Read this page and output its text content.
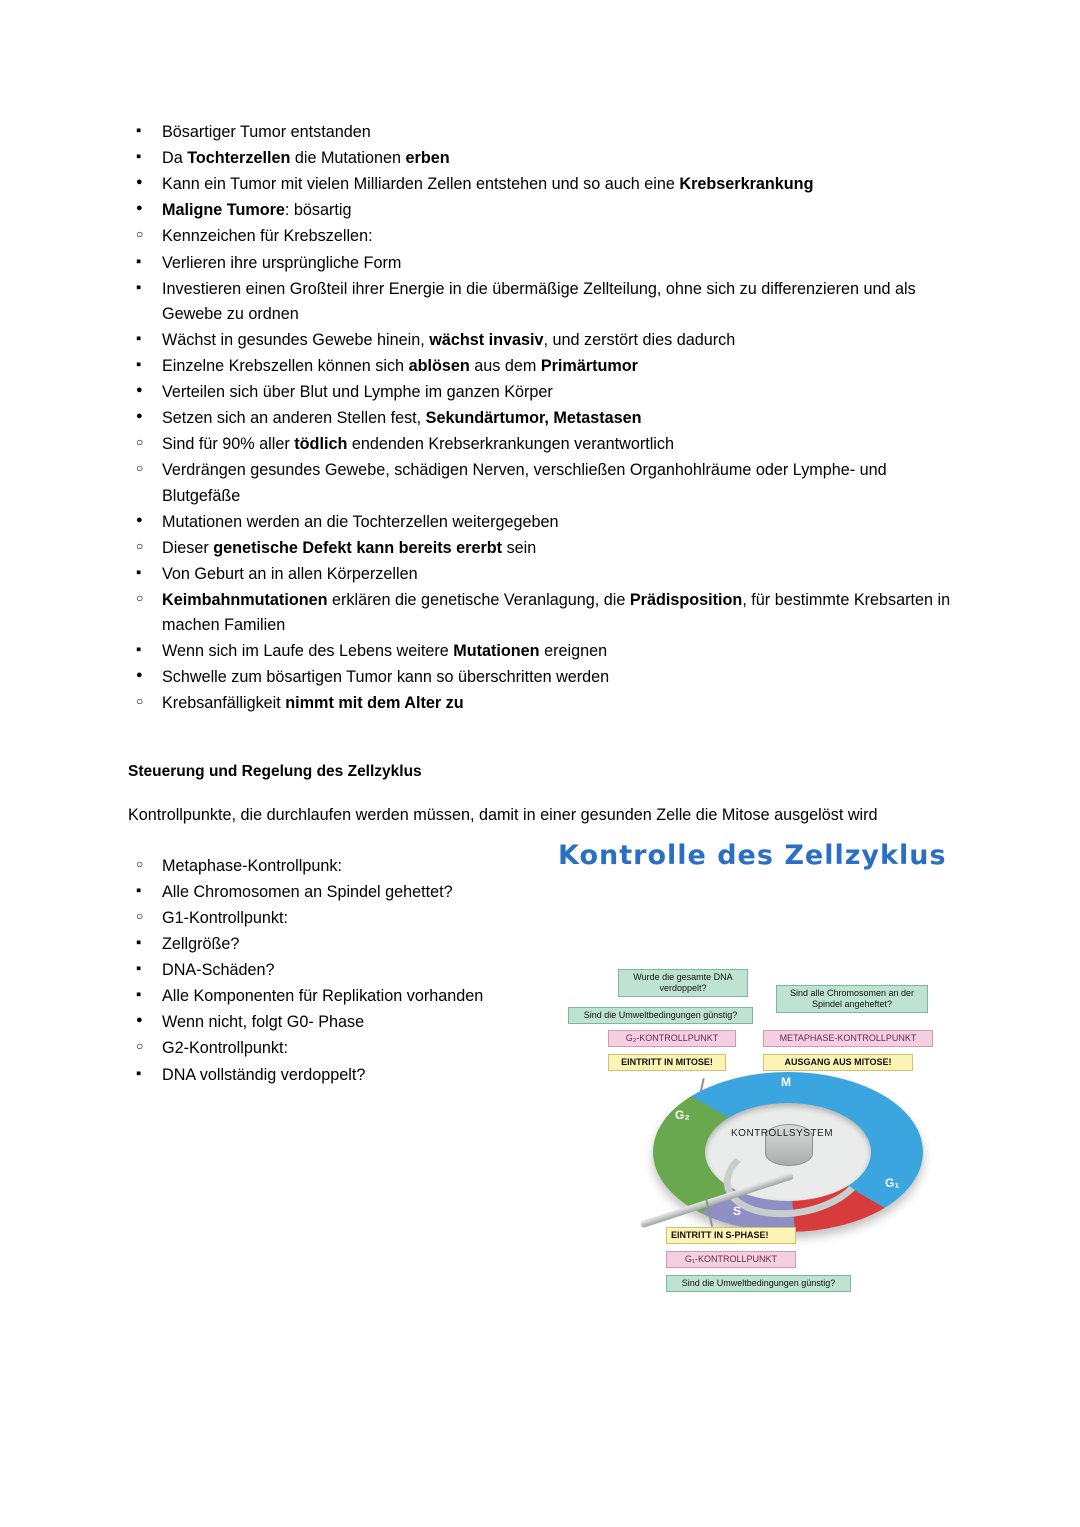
▪
Bösartiger Tumor entstanden
▪
Da Tochterzellen die Mutationen erben
●
Kann ein Tumor mit vielen Milliarden Zellen entstehen und so auch eine Krebserkrankung
●
Maligne Tumore: bösartig
○
Kennzeichen für Krebszellen:
▪
Verlieren ihre ursprüngliche Form
▪
Investieren einen Großteil ihrer Energie in die übermäßige Zellteilung, ohne sich zu differenzieren und als Gewebe zu ordnen
▪
Wächst in gesundes Gewebe hinein, wächst invasiv, und zerstört dies dadurch
▪
Einzelne Krebszellen können sich ablösen aus dem Primärtumor
●
Verteilen sich über Blut und Lymphe im ganzen Körper
●
Setzen sich an anderen Stellen fest, Sekundärtumor, Metastasen
○
Sind für 90% aller tödlich endenden Krebserkrankungen verantwortlich
○
Verdrängen gesundes Gewebe, schädigen Nerven, verschließen Organhohlräume oder Lymphe- und Blutgefäße
●
Mutationen werden an die Tochterzellen weitergegeben
○
Dieser genetische Defekt kann bereits ererbt sein
▪
Von Geburt an in allen Körperzellen
○
Keimbahnmutationen erklären die genetische Veranlagung, die Prädisposition, für bestimmte Krebsarten in machen Familien
▪
Wenn sich im Laufe des Lebens weitere Mutationen ereignen
●
Schwelle zum bösartigen Tumor kann so überschritten werden
○
Krebsanfälligkeit nimmt mit dem Alter zu
Steuerung und Regelung des Zellzyklus
Kontrollpunkte, die durchlaufen werden müssen, damit in einer gesunden Zelle die Mitose ausgelöst wird
○
Metaphase-Kontrollpunk:
▪
Alle Chromosomen an Spindel gehettet?
○
G1-Kontrollpunkt:
▪
Zellgröße?
▪
DNA-Schäden?
▪
Alle Komponenten für Replikation vorhanden
●
Wenn nicht, folgt G0- Phase
○
G2-Kontrollpunkt:
▪
DNA vollständig verdoppelt?
Kontrolle des Zellzyklus
Wurde die gesamte DNA verdoppelt?
Sind die Umweltbedingungen günstig?
G₂-KONTROLLPUNKT
EINTRITT IN MITOSE!
Sind alle Chromosomen an der Spindel angeheftet?
METAPHASE-KONTROLLPUNKT
AUSGANG AUS MITOSE!
KONTROLLSYSTEM
M
G₂
G₁
S
EINTRITT IN S-PHASE!
G₁-KONTROLLPUNKT
Sind die Umweltbedingungen günstig?
